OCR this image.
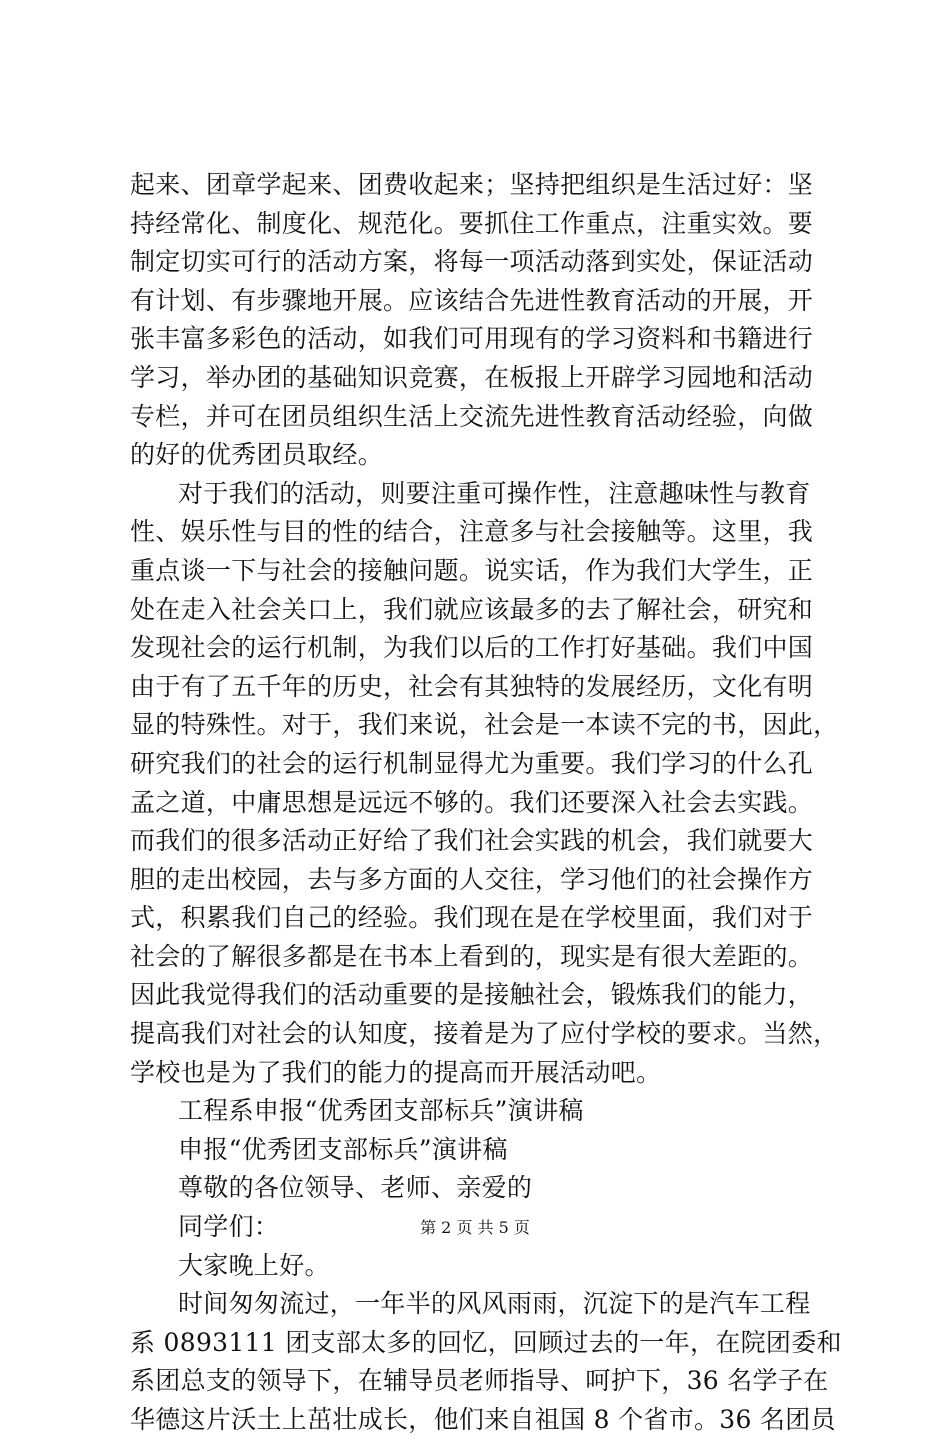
起来、团章学起来、团费收起来；坚持把组织是生活过好：坚
持经常化、制度化、规范化。要抓住工作重点，注重实效。要
制定切实可行的活动方案，将每一项活动落到实处，保证活动
有计划、有步骤地开展。应该结合先进性教育活动的开展，开
张丰富多彩色的活动，如我们可用现有的学习资料和书籍进行
学习，举办团的基础知识竞赛，在板报上开辟学习园地和活动
专栏，并可在团员组织生活上交流先进性教育活动经验，向做
的好的优秀团员取经。
对于我们的活动，则要注重可操作性，注意趣味性与教育
性、娱乐性与目的性的结合，注意多与社会接触等。这里，我
重点谈一下与社会的接触问题。说实话，作为我们大学生，正
处在走入社会关口上，我们就应该最多的去了解社会，研究和
发现社会的运行机制，为我们以后的工作打好基础。我们中国
由于有了五千年的历史，社会有其独特的发展经历，文化有明
显的特殊性。对于，我们来说，社会是一本读不完的书，因此，
研究我们的社会的运行机制显得尤为重要。我们学习的什么孔
孟之道，中庸思想是远远不够的。我们还要深入社会去实践。
而我们的很多活动正好给了我们社会实践的机会，我们就要大
胆的走出校园，去与多方面的人交往，学习他们的社会操作方
式，积累我们自己的经验。我们现在是在学校里面，我们对于
社会的了解很多都是在书本上看到的，现实是有很大差距的。
因此我觉得我们的活动重要的是接触社会，锻炼我们的能力，
提高我们对社会的认知度，接着是为了应付学校的要求。当然，
学校也是为了我们的能力的提高而开展活动吧。
工程系申报“优秀团支部标兵”演讲稿
申报“优秀团支部标兵”演讲稿
尊敬的各位领导、老师、亲爱的
同学们：
大家晚上好。
时间匆匆流过，一年半的风风雨雨，沉淀下的是汽车工程
系 0893111 团支部太多的回忆，回顾过去的一年，在院团委和
系团总支的领导下，在辅导员老师指导、呵护下，36 名学子在
华德这片沃土上茁壮成长，他们来自祖国 8 个省市。36 名团员
第 2 页 共 5 页
